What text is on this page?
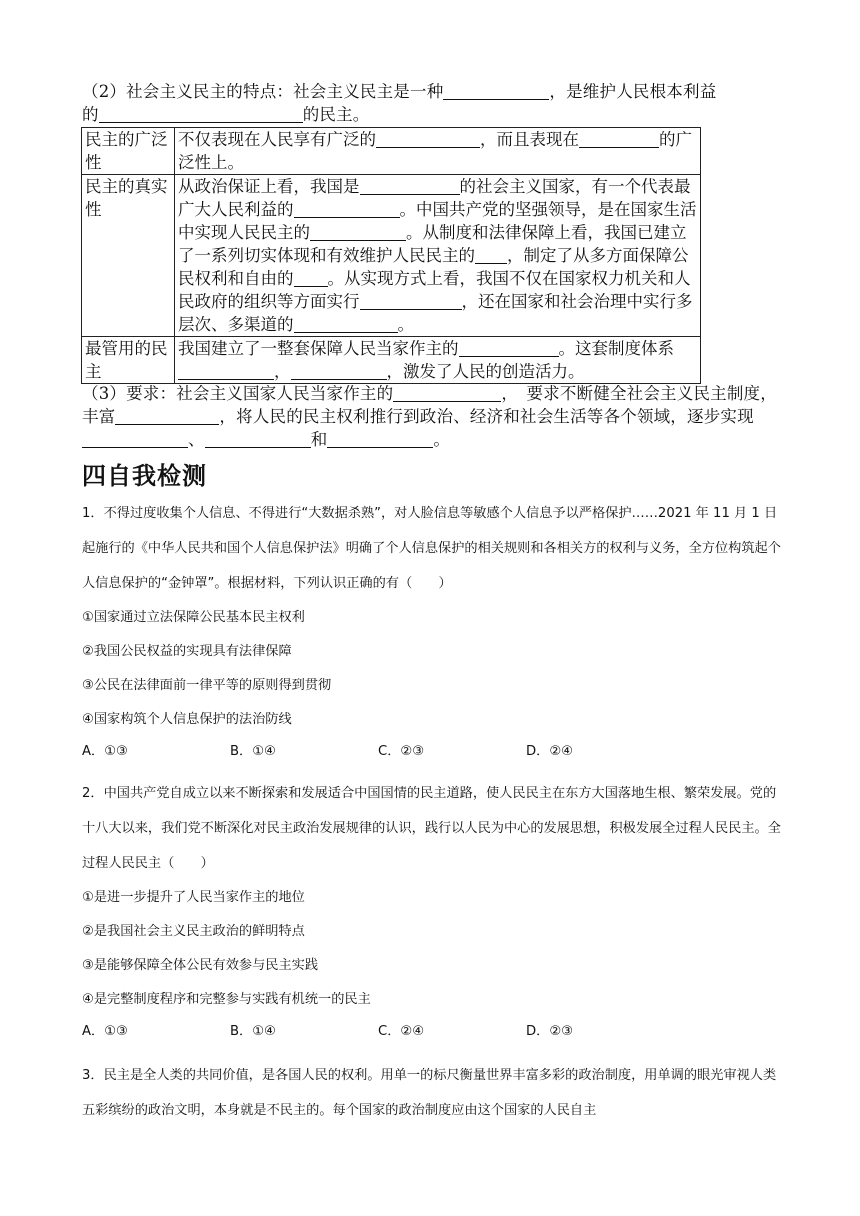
（2）社会主义民主的特点：社会主义民主是一种	，是维护人民根本利益
的	的民主。
民主的广泛性	不仅表现在人民享有广泛的 ，而且表现在 的广泛性上。
民主的真实性	从政治保证上看，我国是 的社会主义国家，有一个代表最广大人民利益的 。中国共产党的坚强领导，是在国家生活中实现人民民主的 。从制度和法律保障上看，我国已建立了一系列切实体现和有效维护人民民主的 ，制定了从多方面保障公民权利和自由的 。从实现方式上看，我国不仅在国家权力机关和人民政府的组织等方面实行 ，还在国家和社会治理中实行多层次、多渠道的 。
最管用的民主	我国建立了一整套保障人民当家作主的 。这套制度体系， ，激发了人民的创造活力。
（3）要求：社会主义国家人民当家作主的	，　要求不断健全社会主义民主制度，丰富	，将人民的民主权利推行到政治、经济和社会生活等各个领域，逐步实现、	和	。
四自我检测
1．不得过度收集个人信息、不得进行“大数据杀熟”，对人脸信息等敏感个人信息予以严格保护……2021 年 11 月 1 日起施行的《中华人民共和国个人信息保护法》明确了个人信息保护的相关规则和各相关方的权利与义务，全方位构筑起个人信息保护的“金钟罩”。根据材料，下列认识正确的有（　　）
①国家通过立法保障公民基本民主权利
②我国公民权益的实现具有法律保障
③公民在法律面前一律平等的原则得到贯彻
④国家构筑个人信息保护的法治防线
A．①③	B．①④	C．②③	D．②④
2．中国共产党自成立以来不断探索和发展适合中国国情的民主道路，使人民民主在东方大国落地生根、繁荣发展。党的十八大以来，我们党不断深化对民主政治发展规律的认识，践行以人民为中心的发展思想，积极发展全过程人民民主。全过程人民民主（　　）
①是进一步提升了人民当家作主的地位
②是我国社会主义民主政治的鲜明特点
③是能够保障全体公民有效参与民主实践
④是完整制度程序和完整参与实践有机统一的民主
A．①③	B．①④	C．②④	D．②③
3．民主是全人类的共同价值，是各国人民的权利。用单一的标尺衡量世界丰富多彩的政治制度，用单调的眼光审视人类五彩缤纷的政治文明，本身就是不民主的。每个国家的政治制度应由这个国家的人民自主
